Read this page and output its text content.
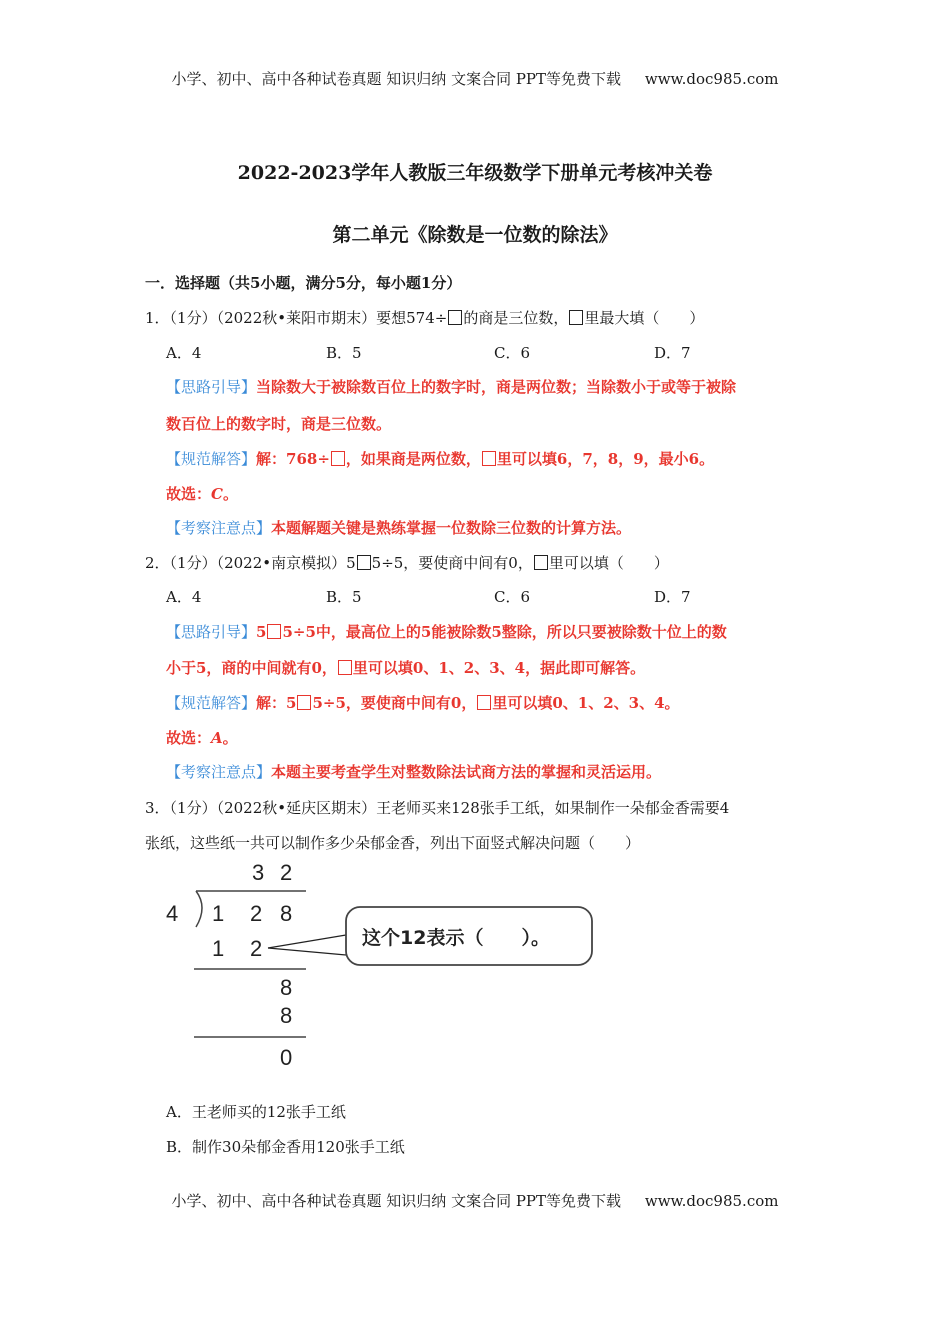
小学、初中、高中各种试卷真题 知识归纳 文案合同 PPT等免费下载 www.doc985.com
2022-2023学年人教版三年级数学下册单元考核冲关卷
第二单元《除数是一位数的除法》
一．选择题（共5小题，满分5分，每小题1分）
1．（1分）（2022秋•莱阳市期末）要想574÷ 的商是三位数， 里最大填（　　）
A．4	B．5	C．6	D．7
【思路引导】当除数大于被除数百位上的数字时，商是两位数；当除数小于或等于被除
数百位上的数字时，商是三位数。
【规范解答】解：768÷ ，如果商是两位数， 里可以填6，7，8，9，最小6。
故选：C。
【考察注意点】本题解题关键是熟练掌握一位数除三位数的计算方法。
2．（1分）（2022•南京模拟）5 5÷5，要使商中间有0， 里可以填（　　）
A．4	B．5	C．6	D．7
【思路引导】5 5÷5中，最高位上的5能被除数5整除，所以只要被除数十位上的数
小于5，商的中间就有0， 里可以填0、1、2、3、4，据此即可解答。
【规范解答】解：5 5÷5，要使商中间有0， 里可以填0、1、2、3、4。
故选：A。
【考察注意点】本题主要考查学生对整数除法试商方法的掌握和灵活运用。
3．（1分）（2022秋•延庆区期末）王老师买来128张手工纸，如果制作一朵郁金香需要4
张纸，这些纸一共可以制作多少朵郁金香，列出下面竖式解决问题（　　）
3 2
4 1 2 8
1 2
8
8
0
这个12表示（　　）。
A．王老师买的12张手工纸
B．制作30朵郁金香用120张手工纸
小学、初中、高中各种试卷真题 知识归纳 文案合同 PPT等免费下载 www.doc985.com
